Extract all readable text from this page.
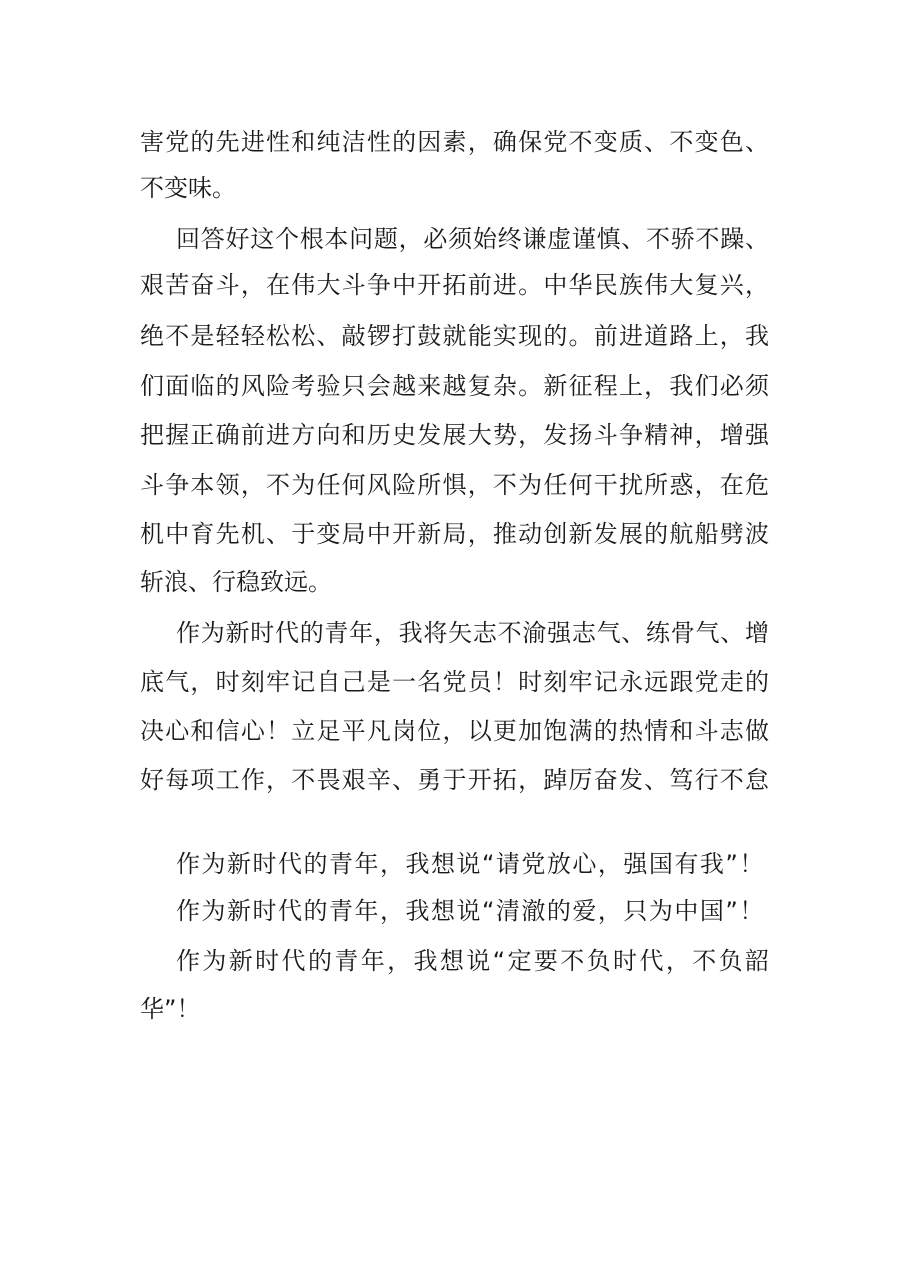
害党的先进性和纯洁性的因素，确保党不变质、不变色、
不变味。
回答好这个根本问题，必须始终谦虚谨慎、不骄不躁、
艰苦奋斗，在伟大斗争中开拓前进。中华民族伟大复兴，
绝不是轻轻松松、敲锣打鼓就能实现的。前进道路上，我
们面临的风险考验只会越来越复杂。新征程上，我们必须
把握正确前进方向和历史发展大势，发扬斗争精神，增强
斗争本领，不为任何风险所惧，不为任何干扰所惑，在危
机中育先机、于变局中开新局，推动创新发展的航船劈波
斩浪、行稳致远。
作为新时代的青年，我将矢志不渝强志气、练骨气、增
底气，时刻牢记自己是一名党员！时刻牢记永远跟党走的
决心和信心！立足平凡岗位，以更加饱满的热情和斗志做
好每项工作，不畏艰辛、勇于开拓，踔厉奋发、笃行不怠
作为新时代的青年，我想说“请党放心，强国有我”！
作为新时代的青年，我想说“清澈的爱，只为中国”！
作为新时代的青年，我想说“定要不负时代，不负韶
华”！
